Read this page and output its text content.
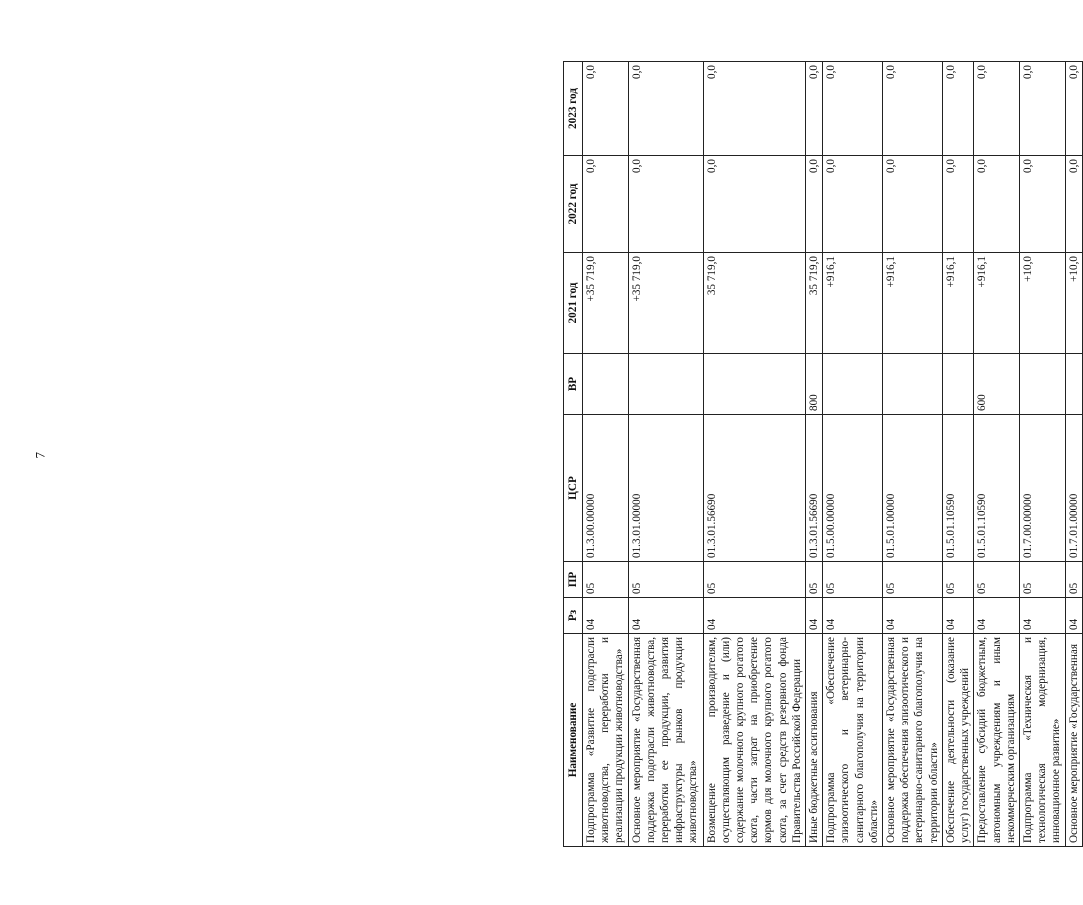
7
Наименование	Рз	ПР	ЦСР	ВР	2021 год	2022 год	2023 год
Подпрограмма «Развитие подотрасли животноводства, переработки и реализации продукции животноводства»	04	05	01.3.00.00000		+35 719,0	0,0	0,0
Основное мероприятие «Государственная поддержка подотрасли животноводства, переработки ее продукции, развития инфраструктуры рынков продукции животноводства»	04	05	01.3.01.00000		+35 719,0	0,0	0,0
Возмещение производителям, осуществляющим разведение и (или) содержание молочного крупного рогатого скота, части затрат на приобретение кормов для молочного крупного рогатого скота, за счет средств резервного фонда Правительства Российской Федерации	04	05	01.3.01.56690		35 719,0	0,0	0,0
Иные бюджетные ассигнования	04	05	01.3.01.56690	800	35 719,0	0,0	0,0
Подпрограмма «Обеспечение эпизоотического и ветеринарно-санитарного благополучия на территории области»	04	05	01.5.00.00000		+916,1	0,0	0,0
Основное мероприятие «Государственная поддержка обеспечения эпизоотического и ветеринарно-санитарного благополучия на территории области»	04	05	01.5.01.00000		+916,1	0,0	0,0
Обеспечение деятельности (оказание услуг) государственных учреждений	04	05	01.5.01.10590		+916,1	0,0	0,0
Предоставление субсидий бюджетным, автономным учреждениям и иным некоммерческим организациям	04	05	01.5.01.10590	600	+916,1	0,0	0,0
Подпрограмма «Техническая и технологическая модернизация, инновационное развитие»	04	05	01.7.00.00000		+10,0	0,0	0,0
Основное мероприятие «Государственная	04	05	01.7.01.00000		+10,0	0,0	0,0
